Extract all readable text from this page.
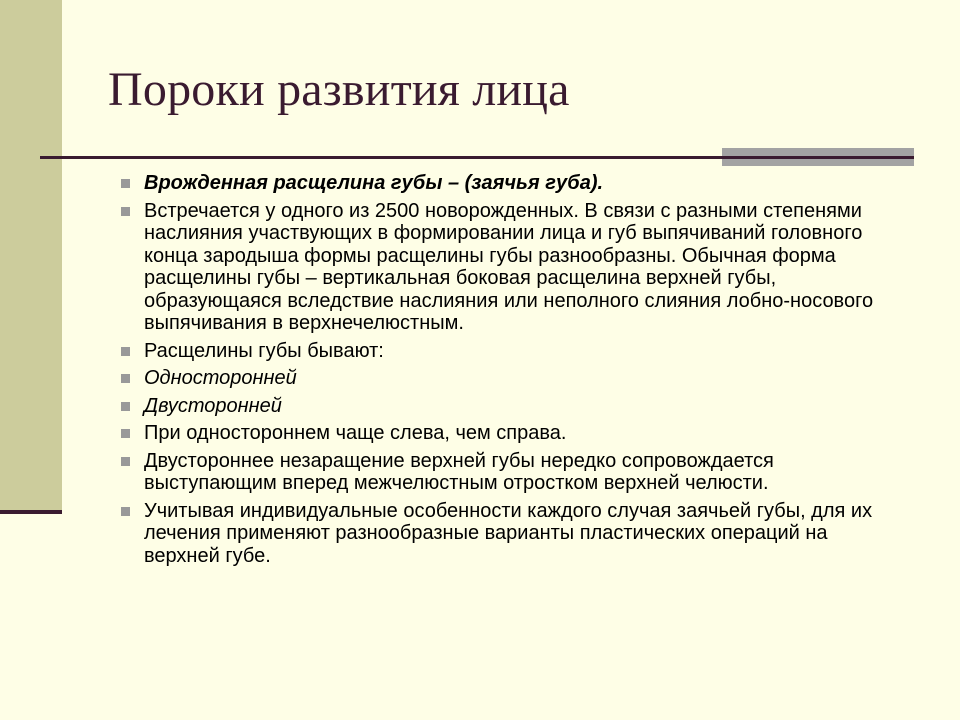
Пороки развития лица
Врожденная расщелина губы – (заячья губа).
Встречается у одного из 2500 новорожденных. В связи с разными степенями наслияния участвующих в формировании лица и губ выпячиваний головного конца зародыша формы расщелины губы разнообразны. Обычная форма расщелины губы – вертикальная боковая расщелина верхней губы, образующаяся вследствие наслияния или неполного слияния лобно-носового выпячивания в верхнечелюстным.
Расщелины губы бывают:
Односторонней
Двусторонней
При одностороннем чаще слева, чем справа.
Двустороннее незаращение верхней губы нередко сопровождается выступающим вперед межчелюстным отростком верхней челюсти.
Учитывая индивидуальные особенности каждого случая заячьей губы, для их лечения применяют разнообразные варианты пластических операций на верхней губе.
